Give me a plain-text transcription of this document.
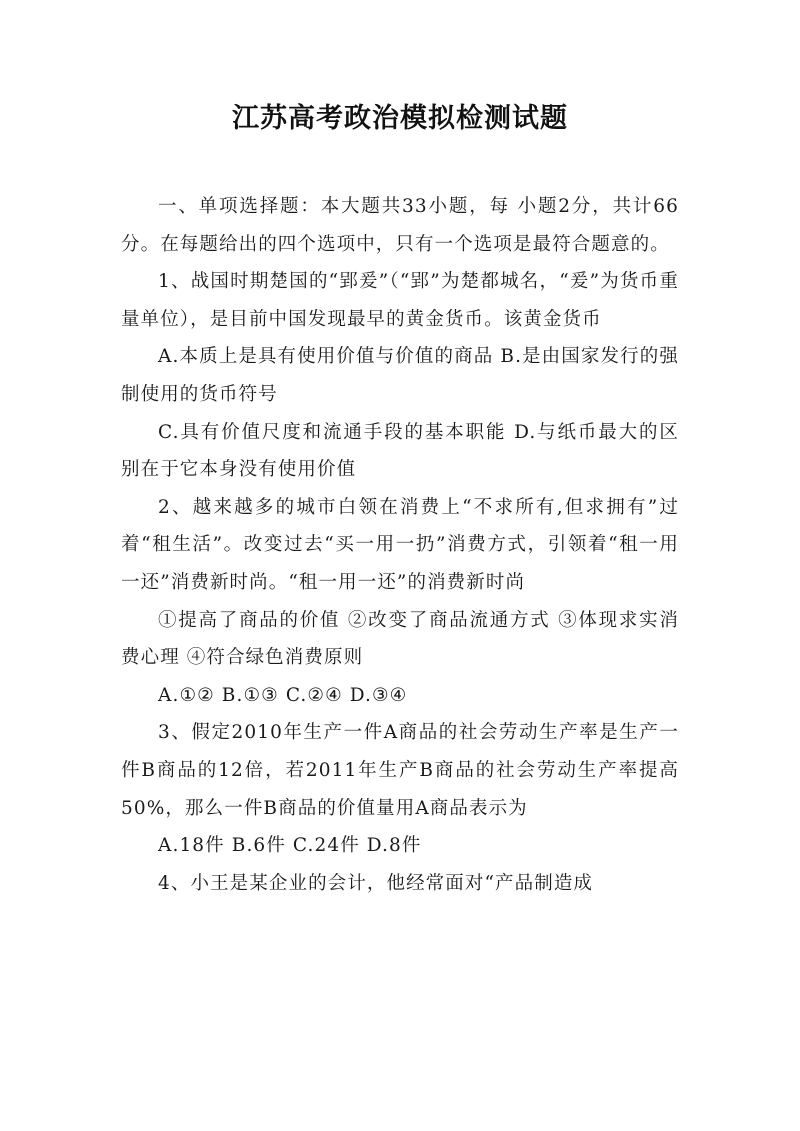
江苏高考政治模拟检测试题

一、单项选择题：本大题共33小题，每 小题2分，共计66分。在每题给出的四个选项中，只有一个选项是最符合题意的。

1、战国时期楚国的“郢爰”（“郢”为楚都城名，“爰”为货币重量单位），是目前中国发现最早的黄金货币。该黄金货币

A.本质上是具有使用价值与价值的商品 B.是由国家发行的强制使用的货币符号

C.具有价值尺度和流通手段的基本职能 D.与纸币最大的区别在于它本身没有使用价值

2、越来越多的城市白领在消费上“不求所有,但求拥有”过着“租生活”。改变过去“买一用一扔”消费方式，引领着“租一用一还”消费新时尚。“租一用一还”的消费新时尚

①提高了商品的价值 ②改变了商品流通方式 ③体现求实消费心理 ④符合绿色消费原则

A.①② B.①③ C.②④ D.③④

3、假定2010年生产一件A商品的社会劳动生产率是生产一件B商品的12倍，若2011年生产B商品的社会劳动生产率提高50%，那么一件B商品的价值量用A商品表示为

A.18件 B.6件 C.24件 D.8件

4、小王是某企业的会计，他经常面对“产品制造成
